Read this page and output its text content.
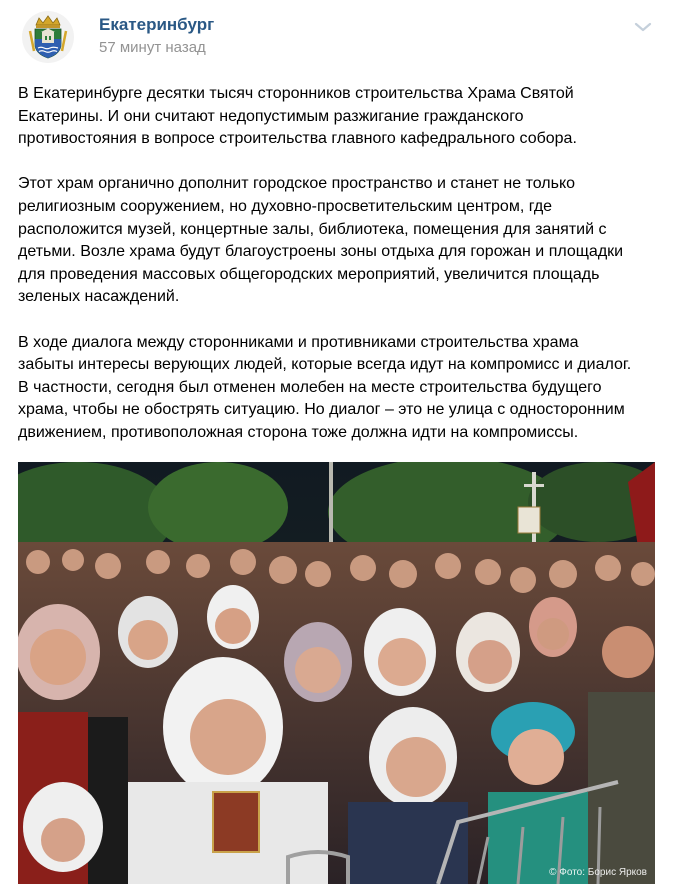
Екатеринбург
57 минут назад

В Екатеринбурге десятки тысяч сторонников строительства Храма Святой
Екатерины. И они считают недопустимым разжигание гражданского
противостояния в вопросе строительства главного кафедрального собора.

Этот храм органично дополнит городское пространство и станет не только
религиозным сооружением, но духовно-просветительским центром, где
расположится музей, концертные залы, библиотека, помещения для занятий с
детьми. Возле храма будут благоустроены зоны отдыха для горожан и площадки
для проведения массовых общегородских мероприятий, увеличится площадь
зеленых насаждений.

В ходе диалога между сторонниками и противниками строительства храма
забыты интересы верующих людей, которые всегда идут на компромисс и диалог.
В частности, сегодня был отменен молебен на месте строительства будущего
храма, чтобы не обострять ситуацию. Но диалог – это не улица с односторонним
движением, противоположная сторона тоже должна идти на компромиссы.

© Фото: Борис Ярков
